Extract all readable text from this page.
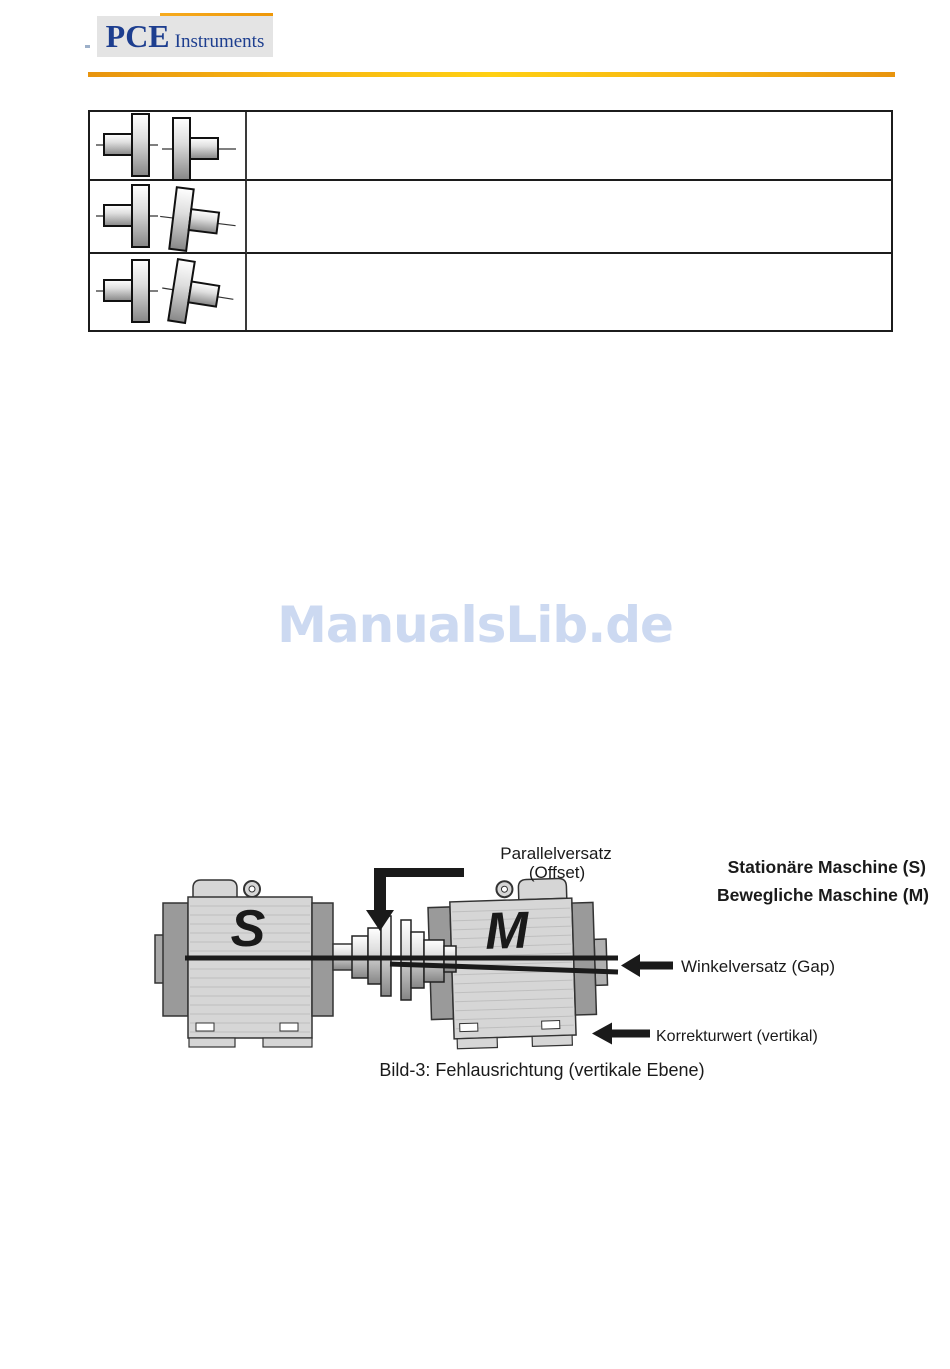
PCE Instruments
ManualsLib.de
S	M
Parallelversatz
(Offset)	Stationäre Maschine (S)
Bewegliche Maschine (M)
Winkelversatz (Gap)
Korrekturwert (vertikal)
Bild-3: Fehlausrichtung (vertikale Ebene)
